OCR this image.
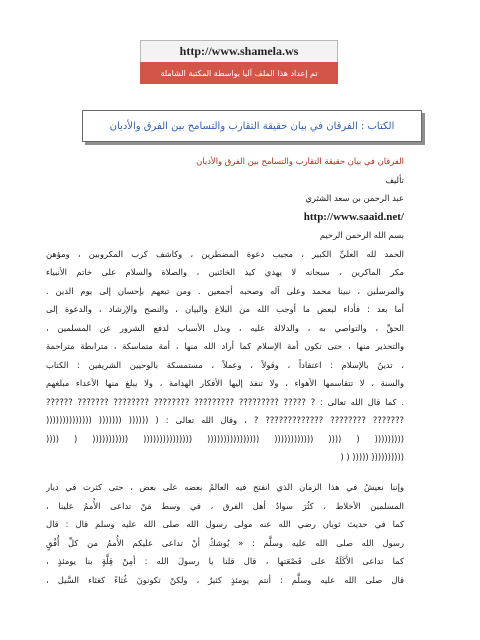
http://www.shamela.ws
تم إعداد هذا الملف آليا بواسطة المكتبة الشاملة
الكتاب : الفرقان في بيان حقيقة التقارب والتسامح بين الفرق والأديان
الفرقان في بيان حقيقة التقارب والتسامح بين الفرق والأديان
تأليف
عبد الرحمن بن سعد الشثري
http://www.saaid.net/
بسم الله الرحمن الرحيم
الحمد لله العليِّ الكبير ، مجيب دعوة المضطرين ، وكاشف كرب المكروبين ، ومؤهن
مكر الماكرين ، سبحانه لا يهدي كيد الخائنين ، والصلاة والسلام على خاتم الأنبياء
والمرسلين ، نبينا محمد وعلى آله وصحبه أجمعين . ومن تبعهم بإحسان إلى يوم الدين .
أما بعد : فأداء لبعض ما أوجب الله من البلاغ والبيان ، والنصح والإرشاد ، والدعوة إلى
الحقِّ ، والتواصي به ، والدلالة عليه ، وبذل الأسباب لدفع الشرور عن المسلمين ،
والتحذير منها ، حتى تكون أمة الإسلام كما أراد الله منها ، أمة متماسكة ، مترابطة متراحمة
، تدينُ بالإسلام : اعتقاداً ، وقولاً ، وعملاً ، مستمسكة بالوحيين الشريفين : الكتاب
والسنة ، لا تتقاسمها الأهواء ، ولا تنفذ إليها الأفكار الهدامة ، ولا يبلغ منها الأعداء مبلغهم
. كما قال الله تعالى : ? ????? ????????? ????????? ???????? ???????? ??????? ??????
??????? ???????? ????????????? ? ، وقال الله تعالى : ( (((((( ((((((( ((((((((((((((
((((((((( ( (((( (((((((((((( (((((((((((((((( ((((((((((((((( ((((((((((( ( ((((
(((((((((( ((((( ( (
وإننا نعيشُ في هذا الزمان الذي انفتح فيه العالمُ بعضه على بعض ، حتى كثرت في ديار
المسلمين الأخلاط ، كثُرَ سوادُ أهل الفرق ، في وسط مَنْ تداعى الأُممُ علينا ،
كما في حديث ثوبان رضي الله عنه مولى رسول الله صلى الله عليه وسلم قال : قال
رسول الله صلى الله عليه وسلَّم : « يُوشكُ أنْ تداعى عليكم الأُممُ من كلِّ أُفُقٍ
كما تداعى الأَكَلَةُ على قَصْعَتها ، قال قلنا يا رسولَ الله : أمِنْ قِلَّةٍ بنا يومئذٍ ،
قال صلى الله عليه وسلَّم : أنتم يومئذٍ كثيرٌ ، ولكنْ تكونونَ غُثاءً كغثاء السَّيل ،
